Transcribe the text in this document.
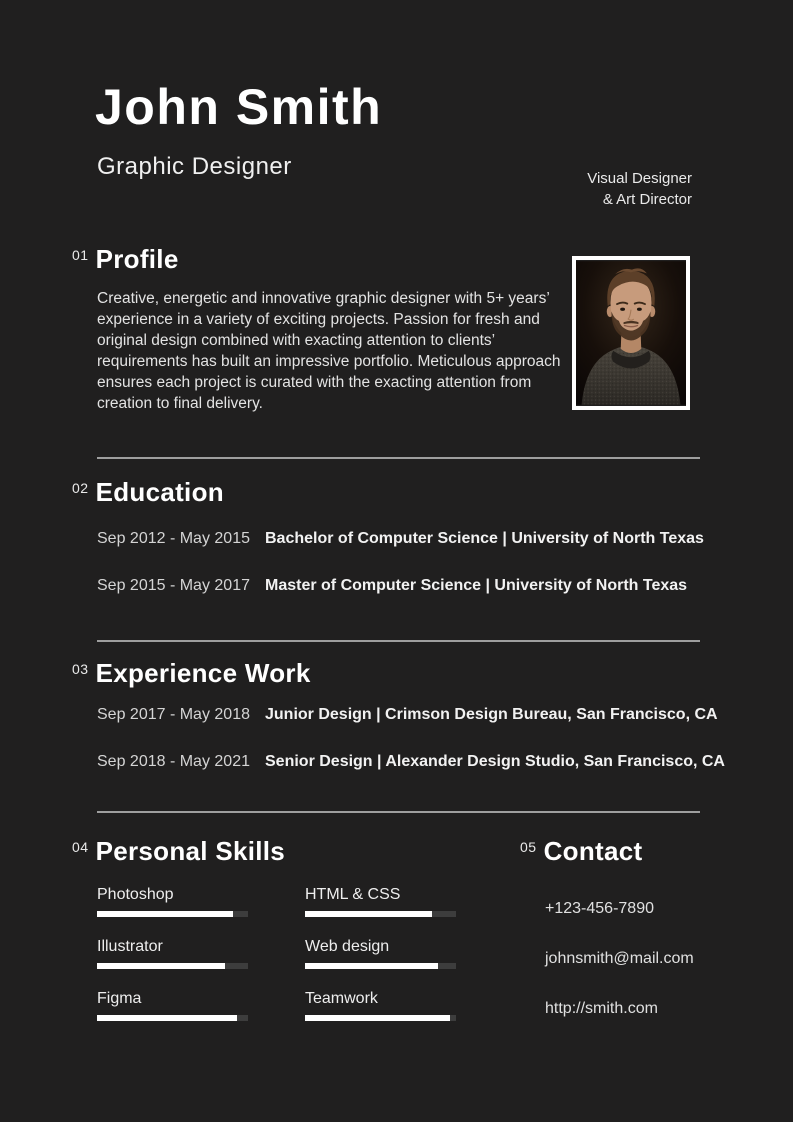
John Smith
Graphic Designer	Visual Designer
& Art Director
01 Profile

Creative, energetic and innovative graphic designer with 5+ years’ experience in a variety of exciting projects. Passion for fresh and original design combined with exacting attention to clients’ requirements has built an impressive portfolio. Meticulous approach ensures each project is curated with the exacting attention from creation to final delivery.

02 Education
Sep 2012 - May 2015 Bachelor of Computer Science | University of North Texas
Sep 2015 - May 2017 Master of Computer Science | University of North Texas
03 Experience Work
Sep 2017 - May 2018 Junior Design | Crimson Design Bureau, San Francisco, CA
Sep 2018 - May 2021 Senior Design | Alexander Design Studio, San Francisco, CA
04 Personal Skills
Photoshop	HTML & CSS
Illustrator	Web design
Figma	Teamwork
05 Contact
+123-456-7890
johnsmith@mail.com
http://smith.com
